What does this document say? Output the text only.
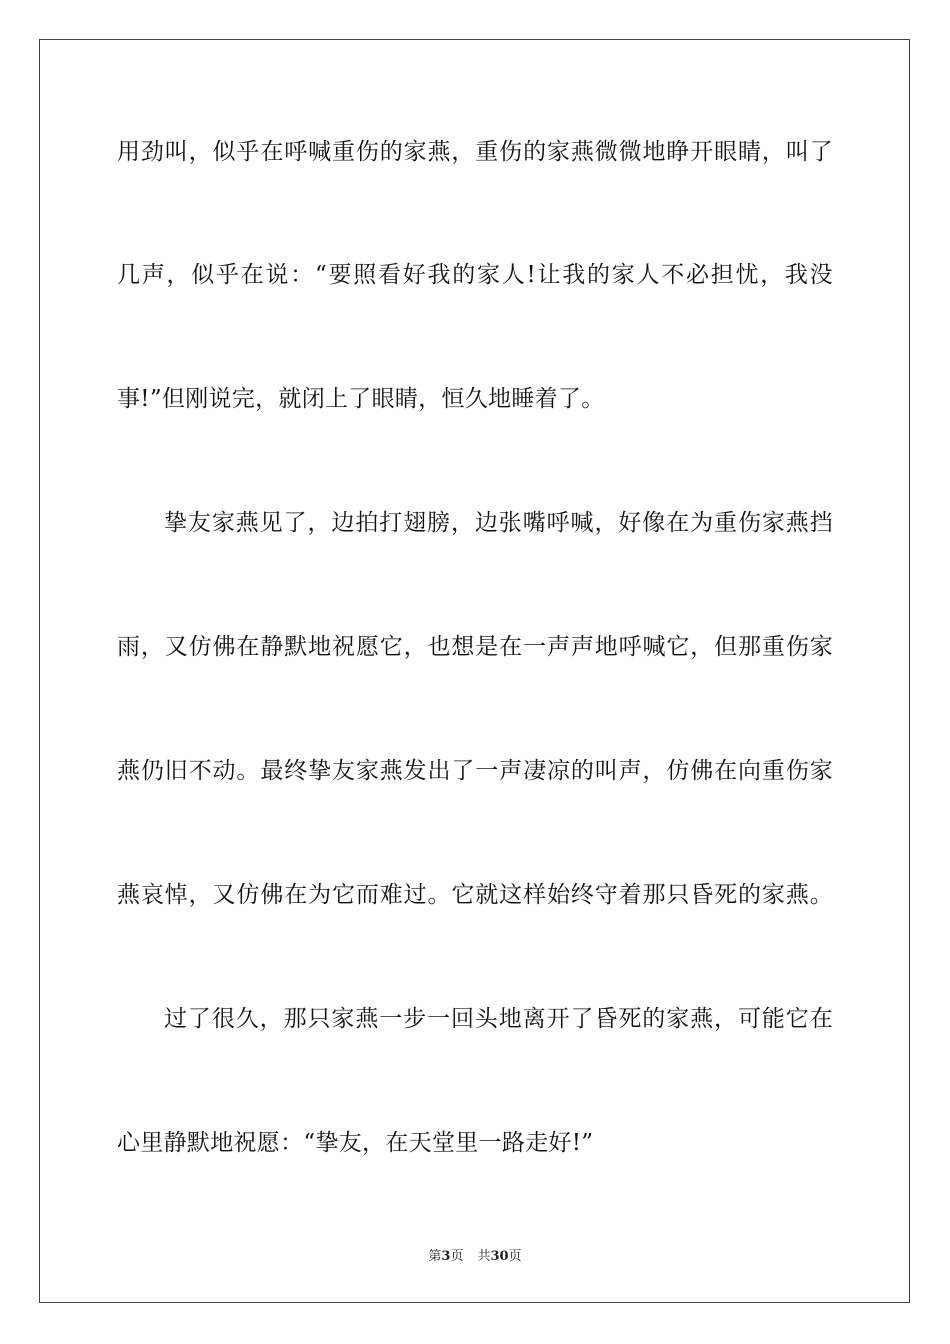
用劲叫，似乎在呼喊重伤的家燕，重伤的家燕微微地睁开眼睛，叫了
几声，似乎在说：“要照看好我的家人!让我的家人不必担忧，我没
事!”但刚说完，就闭上了眼睛，恒久地睡着了。
挚友家燕见了，边拍打翅膀，边张嘴呼喊，好像在为重伤家燕挡
雨，又仿佛在静默地祝愿它，也想是在一声声地呼喊它，但那重伤家
燕仍旧不动。最终挚友家燕发出了一声凄凉的叫声，仿佛在向重伤家
燕哀悼，又仿佛在为它而难过。它就这样始终守着那只昏死的家燕。
过了很久，那只家燕一步一回头地离开了昏死的家燕，可能它在
心里静默地祝愿：“挚友，在天堂里一路走好!”
第3页 共30页
